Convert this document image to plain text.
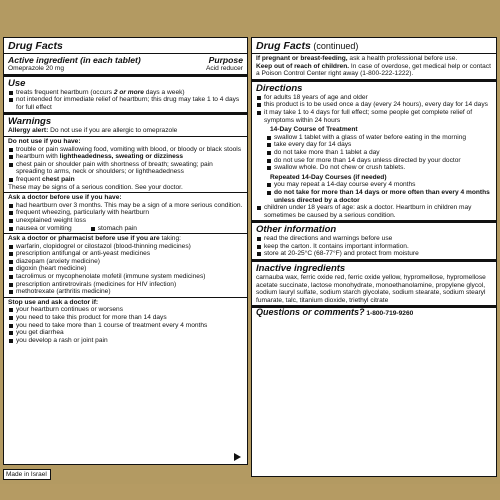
Drug Facts
Active ingredient (in each tablet)	Purpose
Omeprazole 20 mg	Acid reducer
Use
treats frequent heartburn (occurs 2 or more days a week)
not intended for immediate relief of heartburn; this drug may take 1 to 4 days for full effect
Warnings
Allergy alert: Do not use if you are allergic to omeprazole
Do not use if you have:
trouble or pain swallowing food, vomiting with blood, or bloody or black stools
heartburn with lightheadedness, sweating or dizziness
chest pain or shoulder pain with shortness of breath; sweating; pain spreading to arms, neck or shoulders; or lightheadedness
frequent chest pain
These may be signs of a serious condition. See your doctor.
Ask a doctor before use if you have:
had heartburn over 3 months. This may be a sign of a more serious condition.
frequent wheezing, particularly with heartburn
unexplained weight loss
nausea or vomiting	stomach pain
Ask a doctor or pharmacist before use if you are taking:
warfarin, clopidogrel or cilostazol (blood-thinning medicines)
prescription antifungal or anti-yeast medicines
diazepam (anxiety medicine)
digoxin (heart medicine)
tacrolimus or mycophenolate mofetil (immune system medicines)
prescription antiretrovirals (medicines for HIV infection)
methotrexate (arthritis medicine)
Stop use and ask a doctor if:
your heartburn continues or worsens
you need to take this product for more than 14 days
you need to take more than 1 course of treatment every 4 months
you get diarrhea
you develop a rash or joint pain
Drug Facts (continued)
If pregnant or breast-feeding, ask a health professional before use.
Keep out of reach of children. In case of overdose, get medical help or contact a Poison Control Center right away (1-800-222-1222).
Directions
for adults 18 years of age and older
this product is to be used once a day (every 24 hours), every day for 14 days
it may take 1 to 4 days for full effect; some people get complete relief of symptoms within 24 hours
14-Day Course of Treatment
swallow 1 tablet with a glass of water before eating in the morning
take every day for 14 days
do not take more than 1 tablet a day
do not use for more than 14 days unless directed by your doctor
swallow whole. Do not chew or crush tablets.
Repeated 14-Day Courses (if needed)
you may repeat a 14-day course every 4 months
do not take for more than 14 days or more often than every 4 months unless directed by a doctor
children under 18 years of age: ask a doctor. Heartburn in children may sometimes be caused by a serious condition.
Other information
read the directions and warnings before use
keep the carton. It contains important information.
store at 20-25°C (68-77°F) and protect from moisture
Inactive ingredients
carnauba wax, ferric oxide red, ferric oxide yellow, hypromellose, hypromellose acetate succinate, lactose monohydrate, monoethanolamine, propylene glycol, sodium lauryl sulfate, sodium starch glycolate, sodium stearate, sodium stearyl fumarate, talc, titanium dioxide, triethyl citrate
Questions or comments? 1-800-719-9260
Made in Israel
